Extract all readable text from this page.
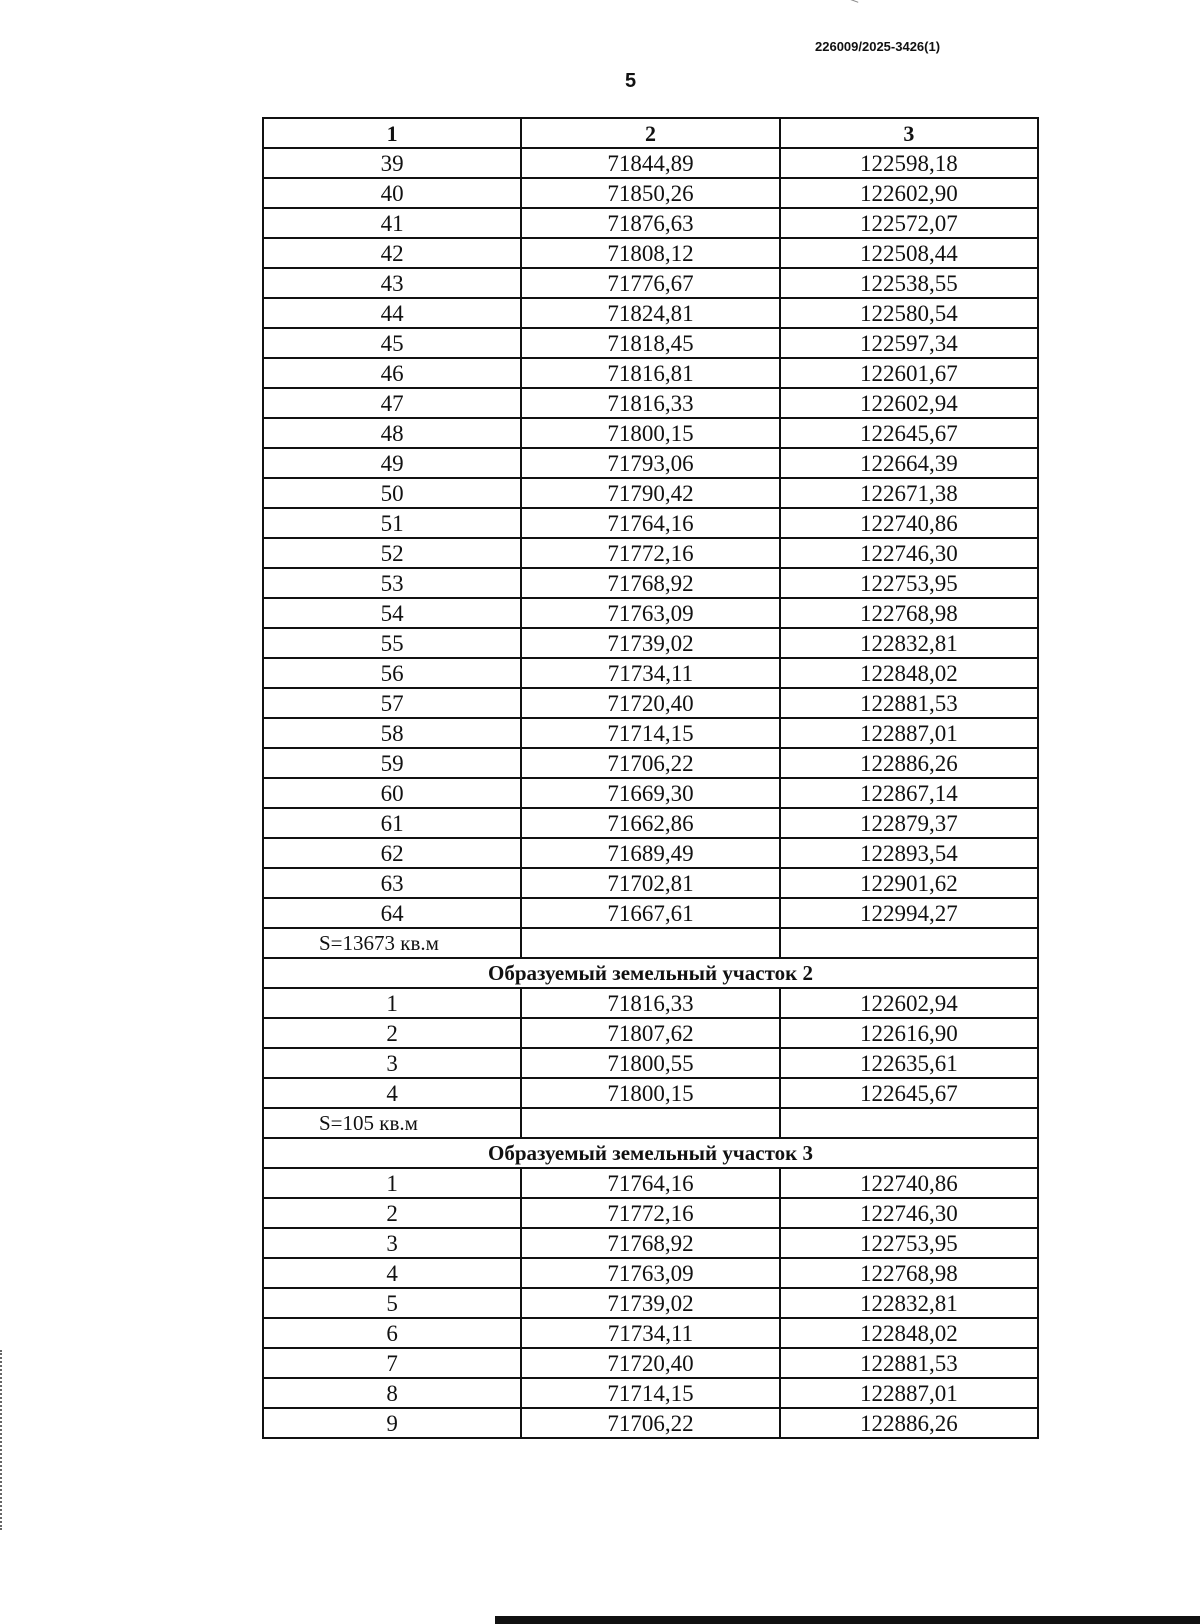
226009/2025-3426(1)
5
1	2	3
39	71844,89	122598,18
40	71850,26	122602,90
41	71876,63	122572,07
42	71808,12	122508,44
43	71776,67	122538,55
44	71824,81	122580,54
45	71818,45	122597,34
46	71816,81	122601,67
47	71816,33	122602,94
48	71800,15	122645,67
49	71793,06	122664,39
50	71790,42	122671,38
51	71764,16	122740,86
52	71772,16	122746,30
53	71768,92	122753,95
54	71763,09	122768,98
55	71739,02	122832,81
56	71734,11	122848,02
57	71720,40	122881,53
58	71714,15	122887,01
59	71706,22	122886,26
60	71669,30	122867,14
61	71662,86	122879,37
62	71689,49	122893,54
63	71702,81	122901,62
64	71667,61	122994,27
S=13673 кв.м		
Образуемый земельный участок 2		
1	71816,33	122602,94
2	71807,62	122616,90
3	71800,55	122635,61
4	71800,15	122645,67
S=105 кв.м		
Образуемый земельный участок 3		
1	71764,16	122740,86
2	71772,16	122746,30
3	71768,92	122753,95
4	71763,09	122768,98
5	71739,02	122832,81
6	71734,11	122848,02
7	71720,40	122881,53
8	71714,15	122887,01
9	71706,22	122886,26
